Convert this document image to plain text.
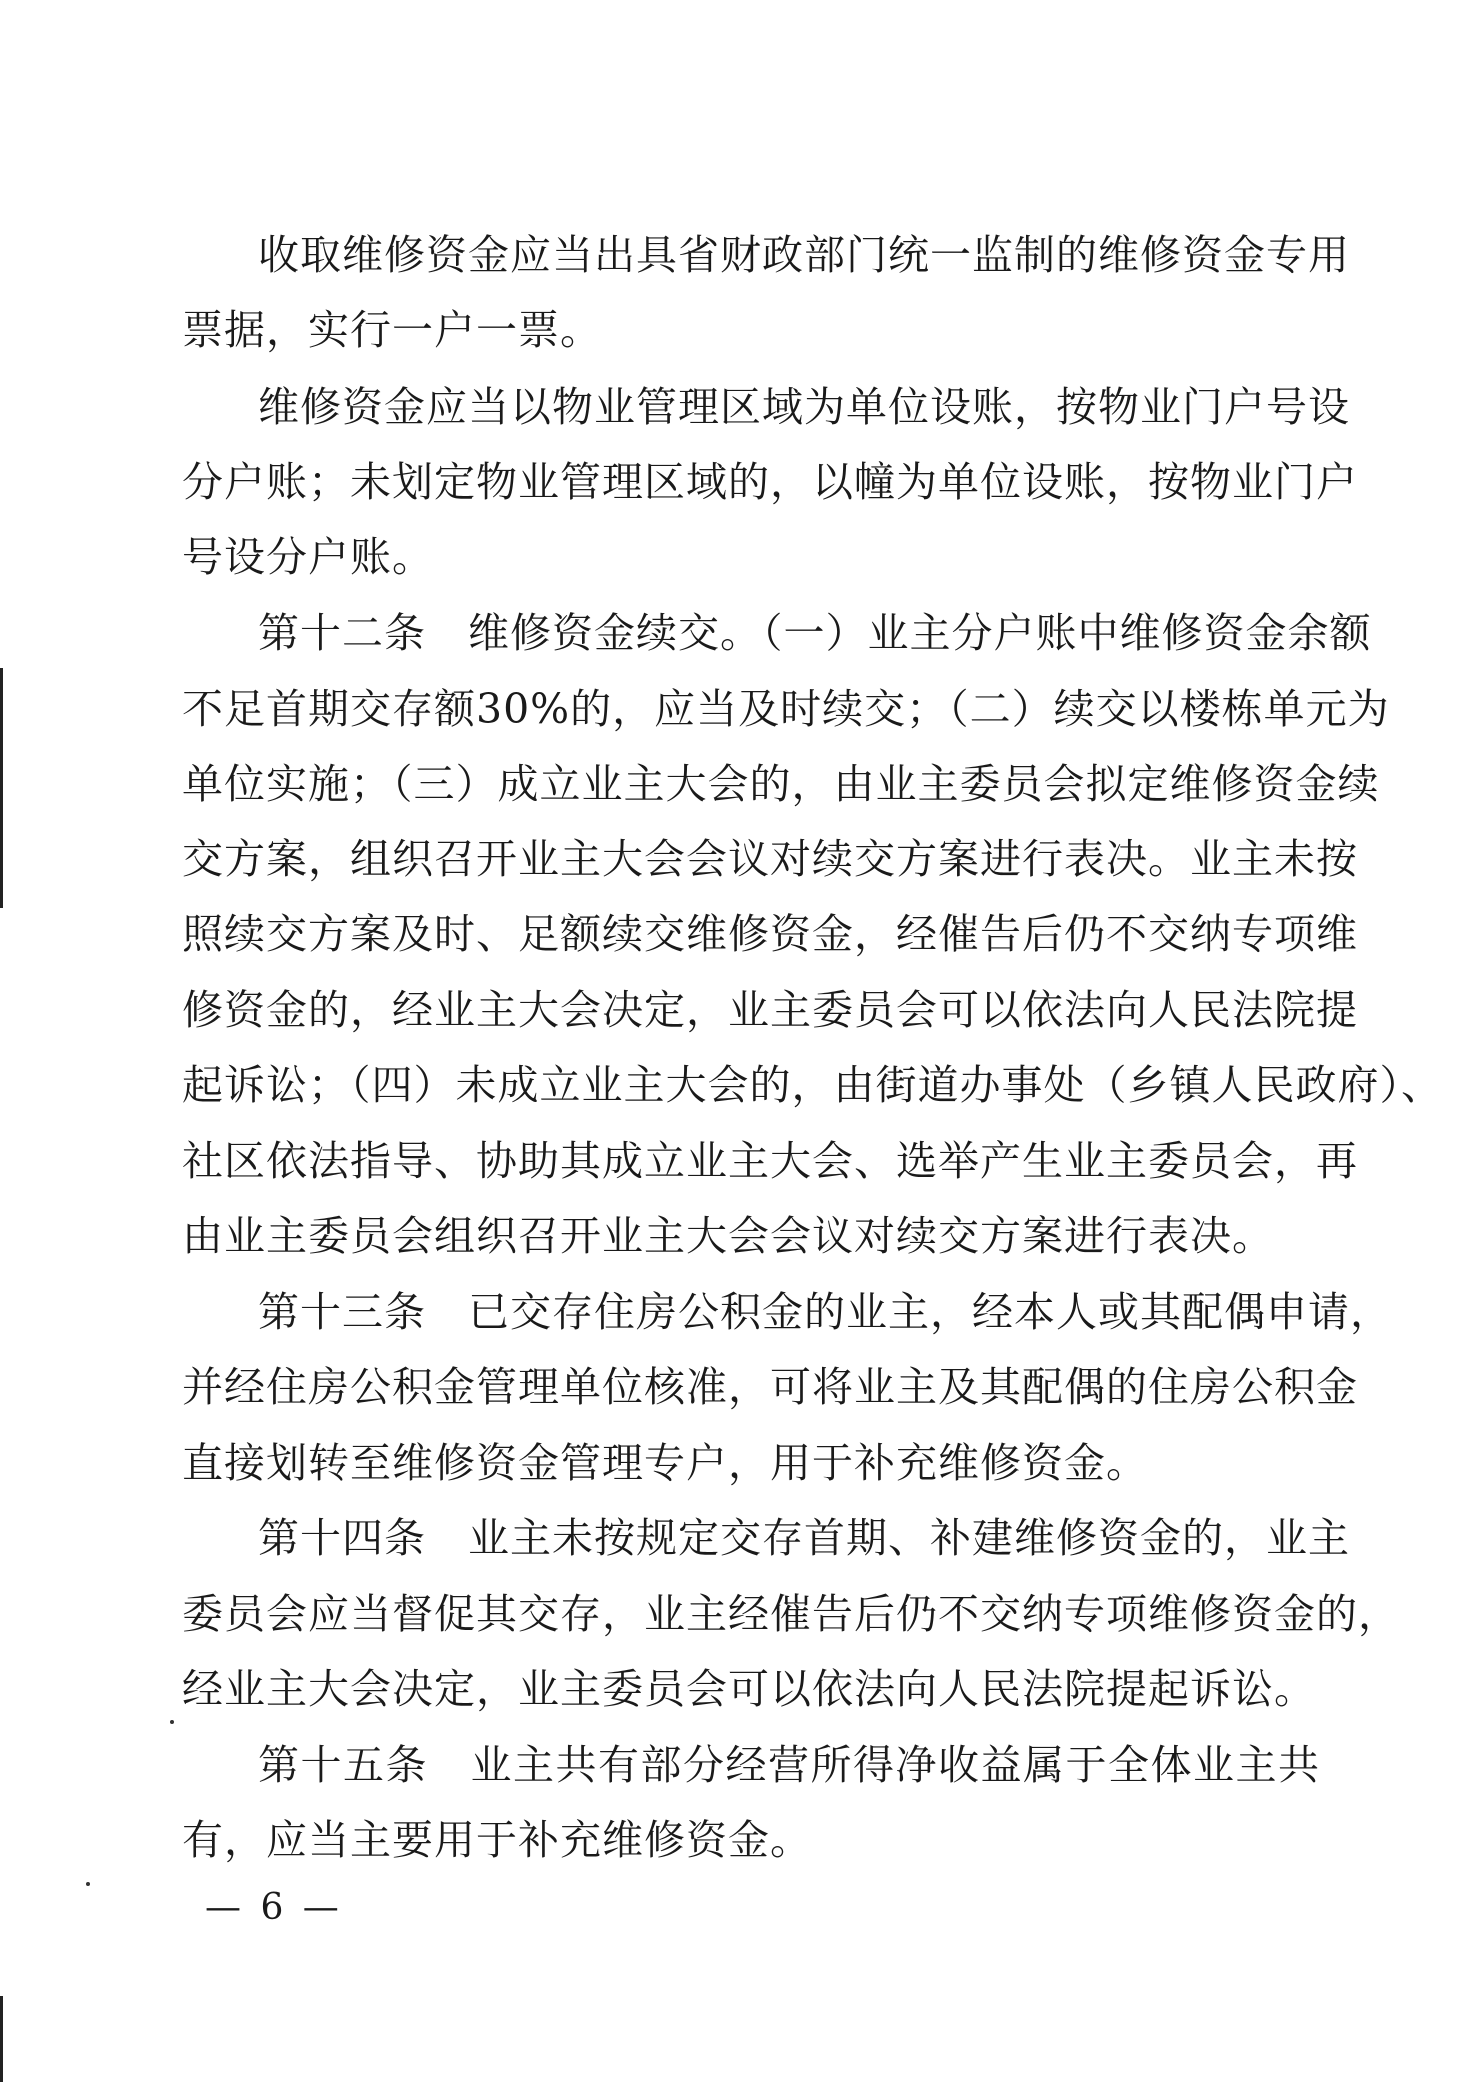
收取维修资金应当出具省财政部门统一监制的维修资金专用
票据，实行一户一票。
维修资金应当以物业管理区域为单位设账，按物业门户号设
分户账；未划定物业管理区域的，以幢为单位设账，按物业门户
号设分户账。
第十二条　维修资金续交。（一）业主分户账中维修资金余额
不足首期交存额30%的，应当及时续交；（二）续交以楼栋单元为
单位实施；（三）成立业主大会的，由业主委员会拟定维修资金续
交方案，组织召开业主大会会议对续交方案进行表决。业主未按
照续交方案及时、足额续交维修资金，经催告后仍不交纳专项维
修资金的，经业主大会决定，业主委员会可以依法向人民法院提
起诉讼；（四）未成立业主大会的，由街道办事处（乡镇人民政府）、
社区依法指导、协助其成立业主大会、选举产生业主委员会，再
由业主委员会组织召开业主大会会议对续交方案进行表决。
第十三条　已交存住房公积金的业主，经本人或其配偶申请，
并经住房公积金管理单位核准，可将业主及其配偶的住房公积金
直接划转至维修资金管理专户，用于补充维修资金。
第十四条　业主未按规定交存首期、补建维修资金的，业主
委员会应当督促其交存，业主经催告后仍不交纳专项维修资金的，
经业主大会决定，业主委员会可以依法向人民法院提起诉讼。
第十五条　业主共有部分经营所得净收益属于全体业主共
有，应当主要用于补充维修资金。
— 6 —
